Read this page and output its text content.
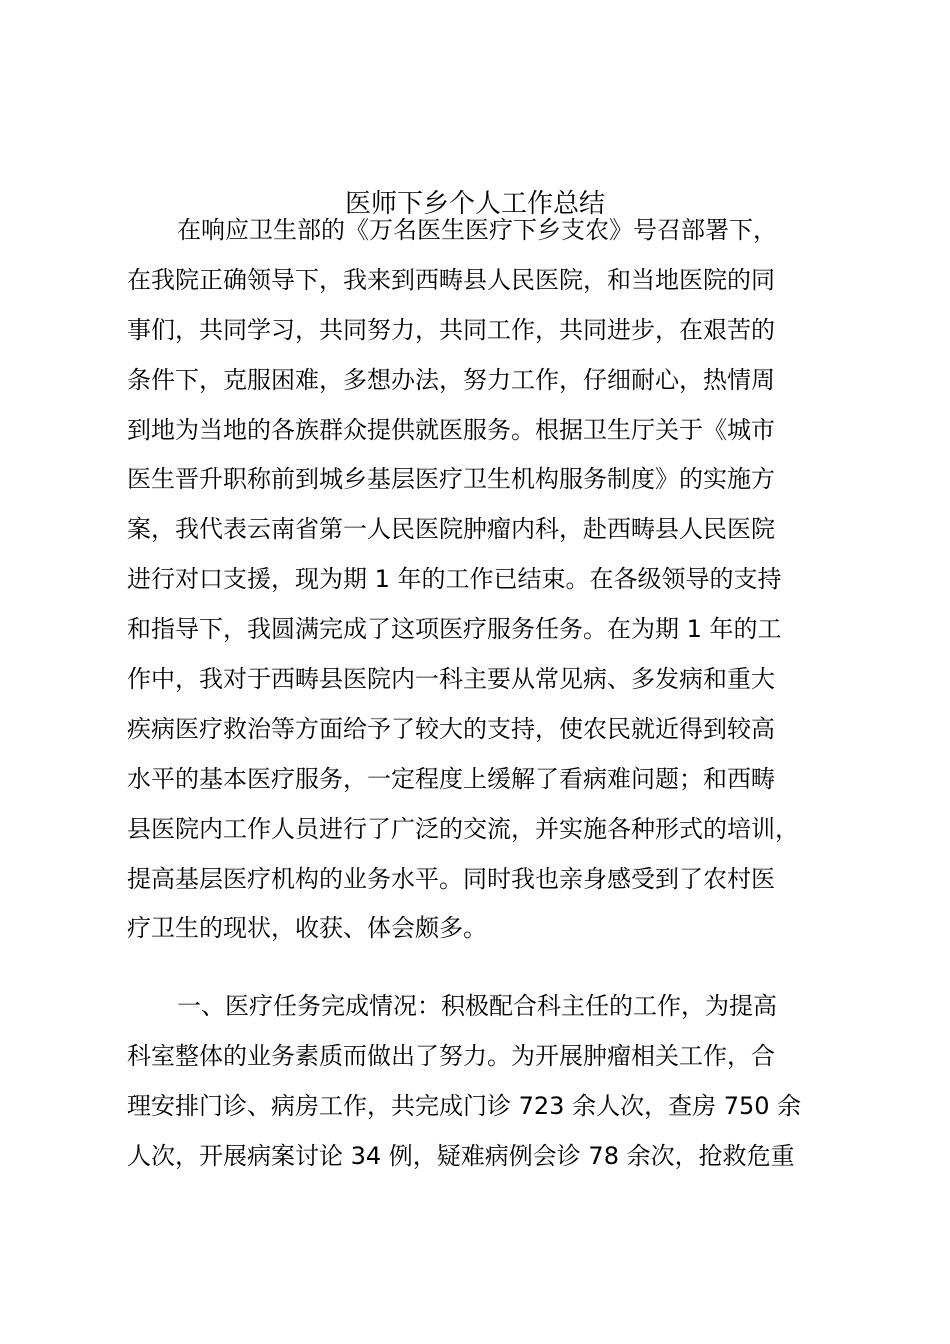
医师下乡个人工作总结
在响应卫生部的《万名医生医疗下乡支农》号召部署下，
在我院正确领导下，我来到西畴县人民医院，和当地医院的同
事们，共同学习，共同努力，共同工作，共同进步，在艰苦的
条件下，克服困难，多想办法，努力工作，仔细耐心，热情周
到地为当地的各族群众提供就医服务。根据卫生厅关于《城市
医生晋升职称前到城乡基层医疗卫生机构服务制度》的实施方
案，我代表云南省第一人民医院肿瘤内科，赴西畴县人民医院
进行对口支援，现为期 1 年的工作已结束。在各级领导的支持
和指导下，我圆满完成了这项医疗服务任务。在为期 1 年的工
作中，我对于西畴县医院内一科主要从常见病、多发病和重大
疾病医疗救治等方面给予了较大的支持，使农民就近得到较高
水平的基本医疗服务，一定程度上缓解了看病难问题；和西畴
县医院内工作人员进行了广泛的交流，并实施各种形式的培训，
提高基层医疗机构的业务水平。同时我也亲身感受到了农村医
疗卫生的现状，收获、体会颇多。
一、医疗任务完成情况：积极配合科主任的工作，为提高
科室整体的业务素质而做出了努力。为开展肿瘤相关工作，合
理安排门诊、病房工作，共完成门诊 723 余人次，查房 750 余
人次，开展病案讨论 34 例，疑难病例会诊 78 余次，抢救危重
